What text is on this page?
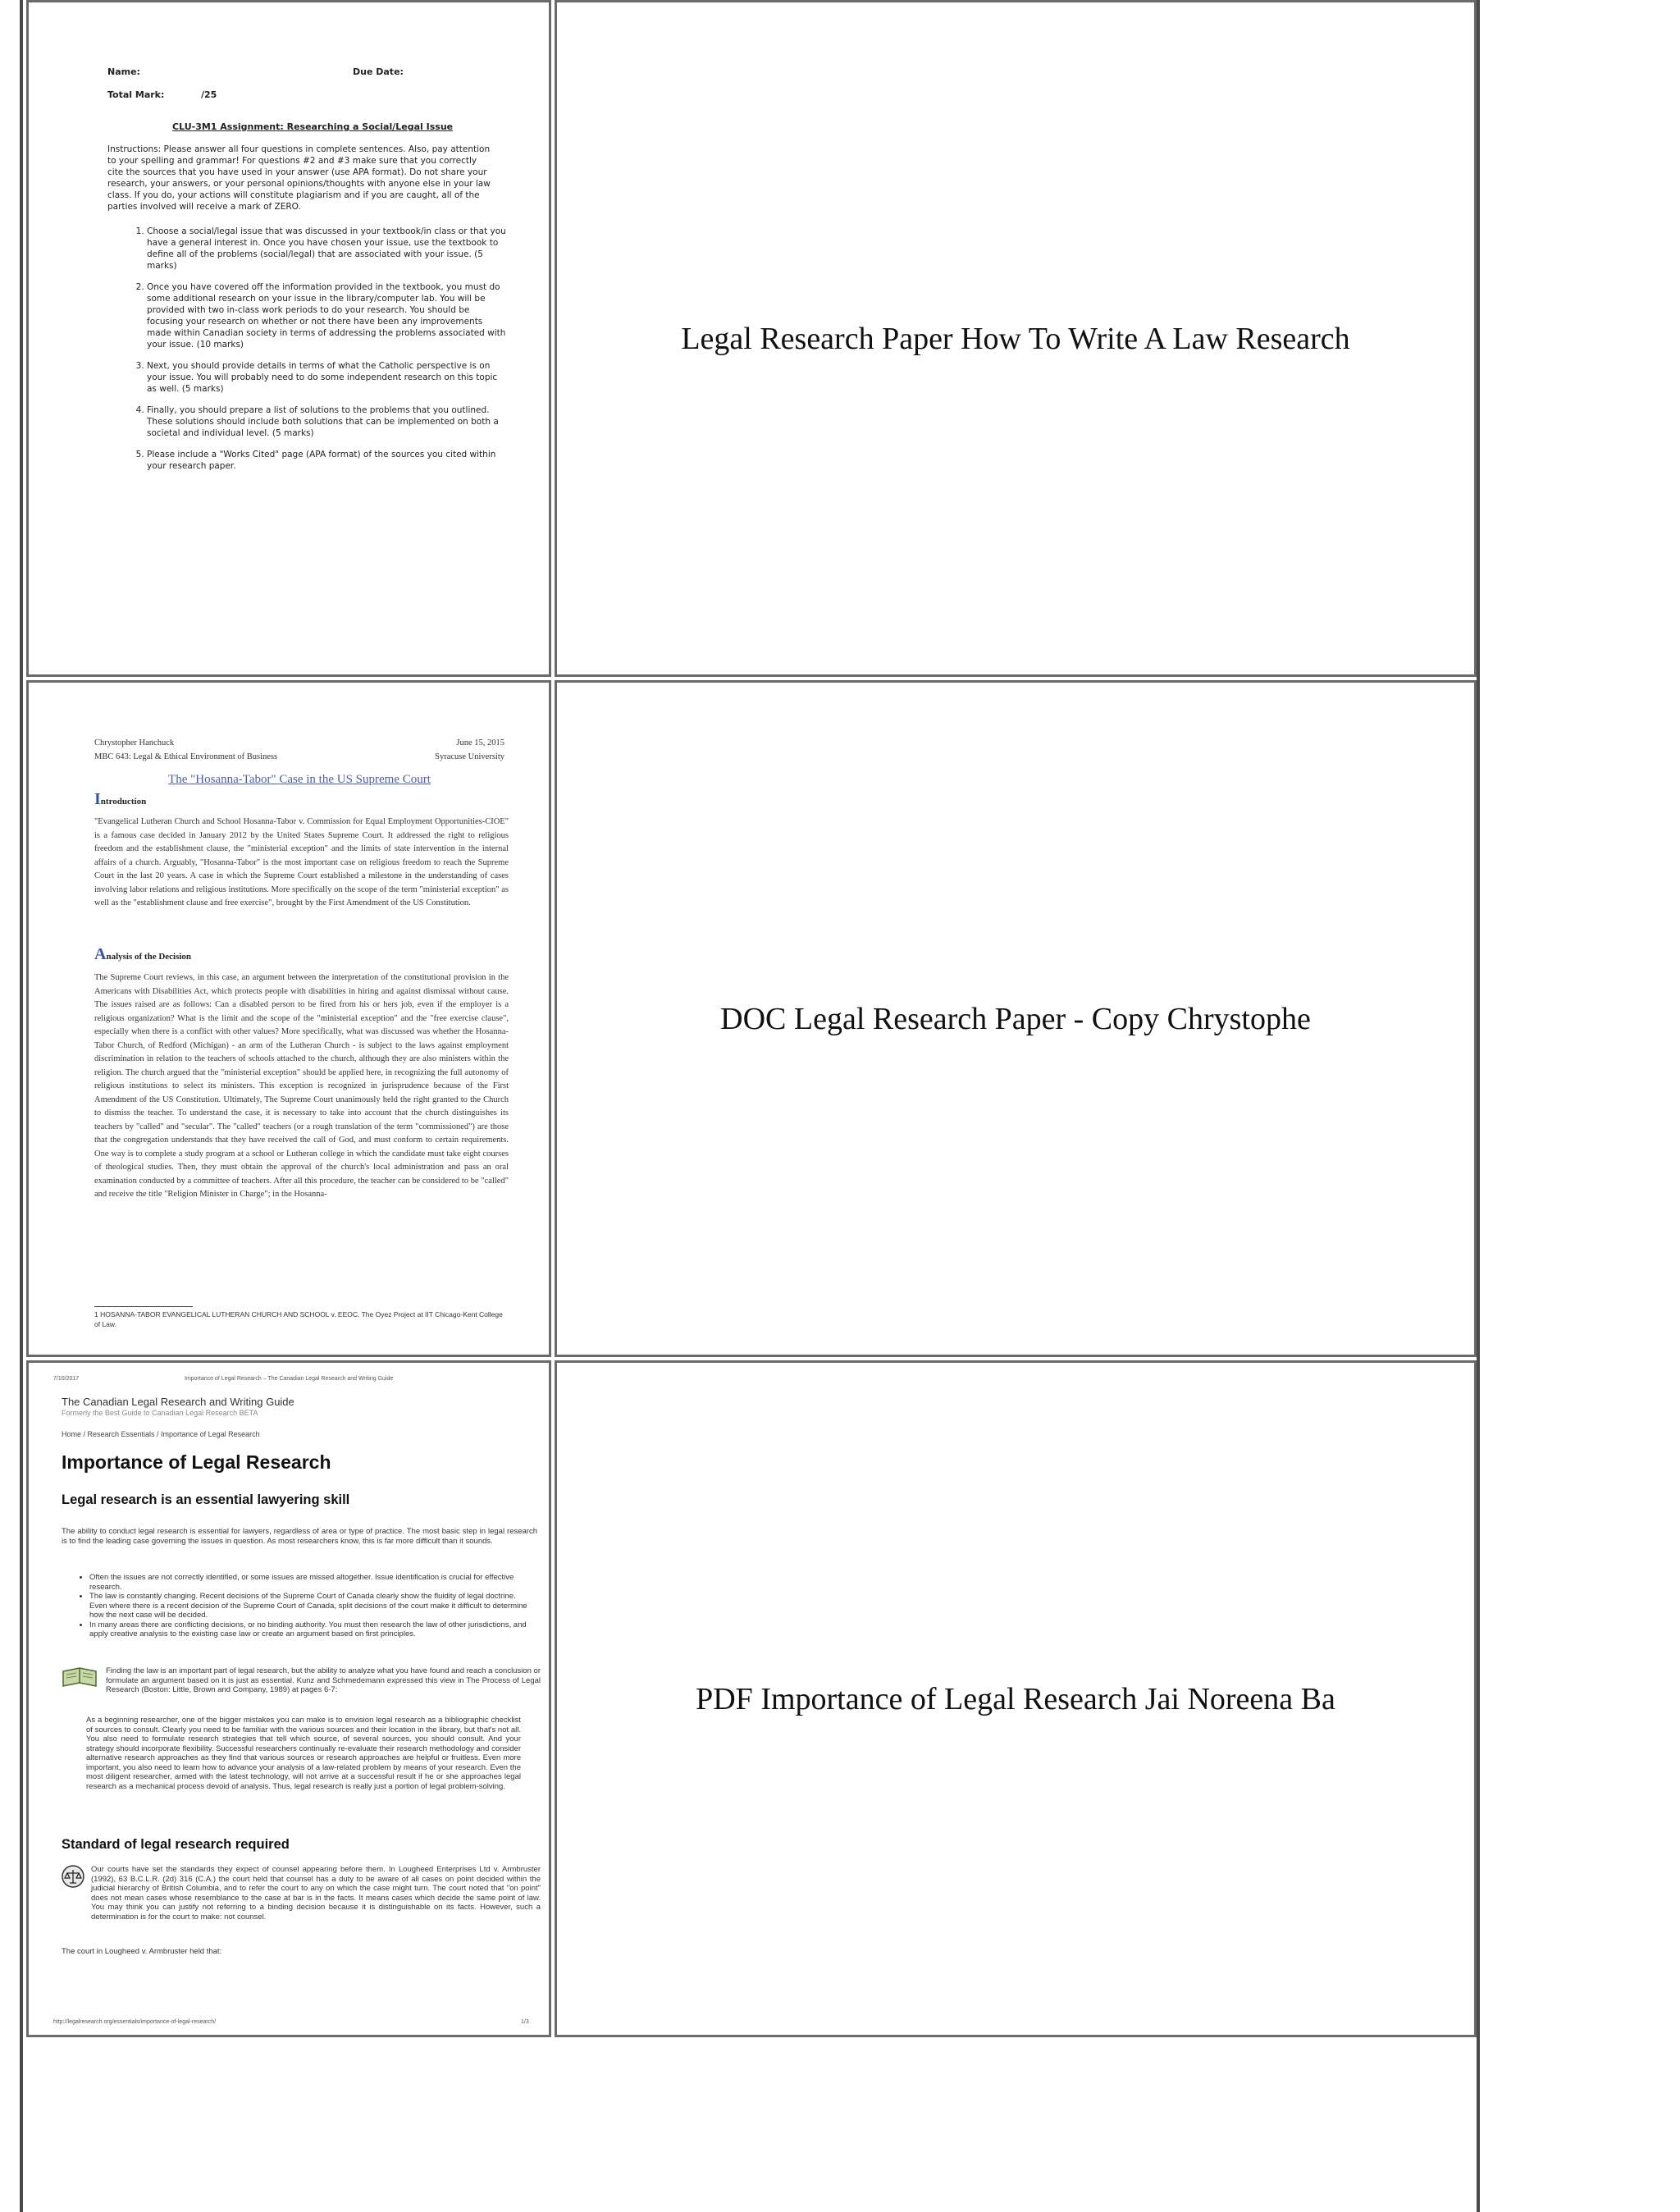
Name:	Due Date:
Total Mark:	/25
CLU-3M1 Assignment: Researching a Social/Legal Issue

Instructions: Please answer all four questions in complete sentences. Also, pay attention to your spelling and grammar! For questions #2 and #3 make sure that you correctly cite the sources that you have used in your answer (use APA format). Do not share your research, your answers, or your personal opinions/thoughts with anyone else in your law class. If you do, your actions will constitute plagiarism and if you are caught, all of the parties involved will receive a mark of ZERO.

1. Choose a social/legal issue that was discussed in your textbook/in class or that you have a general interest in. Once you have chosen your issue, use the textbook to define all of the problems (social/legal) that are associated with your issue. (5 marks)
2. Once you have covered off the information provided in the textbook, you must do some additional research on your issue in the library/computer lab. You will be provided with two in-class work periods to do your research. You should be focusing your research on whether or not there have been any improvements made within Canadian society in terms of addressing the problems associated with your issue. (10 marks)
3. Next, you should provide details in terms of what the Catholic perspective is on your issue. You will probably need to do some independent research on this topic as well. (5 marks)
4. Finally, you should prepare a list of solutions to the problems that you outlined. These solutions should include both solutions that can be implemented on both a societal and individual level. (5 marks)
5. Please include a "Works Cited" page (APA format) of the sources you cited within your research paper.
Legal Research Paper How To Write A Law Research
Chrystopher Hanchuck	June 15, 2015
MBC 643: Legal & Ethical Environment of Business	Syracuse University
The "Hosanna-Tabor" Case in the US Supreme Court
Introduction

"Evangelical Lutheran Church and School Hosanna-Tabor v. Commission for Equal Employment Opportunities-CIOE" is a famous case decided in January 2012 by the United States Supreme Court. It addressed the right to religious freedom and the establishment clause, the "ministerial exception" and the limits of state intervention in the internal affairs of a church. Arguably, "Hosanna-Tabor" is the most important case on religious freedom to reach the Supreme Court in the last 20 years. A case in which the Supreme Court established a milestone in the understanding of cases involving labor relations and religious institutions. More specifically on the scope of the term "ministerial exception" as well as the "establishment clause and free exercise", brought by the First Amendment of the US Constitution.

Analysis of the Decision

The Supreme Court reviews, in this case, an argument between the interpretation of the constitutional provision in the Americans with Disabilities Act, which protects people with disabilities in hiring and against dismissal without cause. The issues raised are as follows: Can a disabled person to be fired from his or hers job, even if the employer is a religious organization? What is the limit and the scope of the "ministerial exception" and the "free exercise clause", especially when there is a conflict with other values? More specifically, what was discussed was whether the Hosanna-Tabor Church, of Redford (Michigan) - an arm of the Lutheran Church - is subject to the laws against employment discrimination in relation to the teachers of schools attached to the church, although they are also ministers within the religion. The church argued that the "ministerial exception" should be applied here, in recognizing the full autonomy of religious institutions to select its ministers. This exception is recognized in jurisprudence because of the First Amendment of the US Constitution. Ultimately, The Supreme Court unanimously held the right granted to the Church to dismiss the teacher. To understand the case, it is necessary to take into account that the church distinguishes its teachers by "called" and "secular". The "called" teachers (or a rough translation of the term "commissioned") are those that the congregation understands that they have received the call of God, and must conform to certain requirements. One way is to complete a study program at a school or Lutheran college in which the candidate must take eight courses of theological studies. Then, they must obtain the approval of the church's local administration and pass an oral examination conducted by a committee of teachers. After all this procedure, the teacher can be considered to be "called" and receive the title "Religion Minister in Charge"; in the Hosanna-

1 HOSANNA-TABOR EVANGELICAL LUTHERAN CHURCH AND SCHOOL v. EEOC. The Oyez Project at IIT Chicago-Kent College of Law.

DOC Legal Research Paper - Copy Chrystophe
7/10/2017	Importance of Legal Research – The Canadian Legal Research and Writing Guide
The Canadian Legal Research and Writing Guide
Formerly the Best Guide to Canadian Legal Research BETA
Home / Research Essentials / Importance of Legal Research
Importance of Legal Research
Legal research is an essential lawyering skill

The ability to conduct legal research is essential for lawyers, regardless of area or type of practice. The most basic step in legal research is to find the leading case governing the issues in question. As most researchers know, this is far more difficult than it sounds.

• Often the issues are not correctly identified, or some issues are missed altogether. Issue identification is crucial for effective research.
• The law is constantly changing. Recent decisions of the Supreme Court of Canada clearly show the fluidity of legal doctrine. Even where there is a recent decision of the Supreme Court of Canada, split decisions of the court make it difficult to determine how the next case will be decided.
• In many areas there are conflicting decisions, or no binding authority. You must then research the law of other jurisdictions, and apply creative analysis to the existing case law or create an argument based on first principles.

Finding the law is an important part of legal research, but the ability to analyze what you have found and reach a conclusion or formulate an argument based on it is just as essential. Kunz and Schmedemann expressed this view in The Process of Legal Research (Boston: Little, Brown and Company, 1989) at pages 6-7:

As a beginning researcher, one of the bigger mistakes you can make is to envision legal research as a bibliographic checklist of sources to consult. Clearly you need to be familiar with the various sources and their location in the library, but that's not all. You also need to formulate research strategies that tell which source, of several sources, you should consult. And your strategy should incorporate flexibility. Successful researchers continually re-evaluate their research methodology and consider alternative research approaches as they find that various sources or research approaches are helpful or fruitless. Even more important, you also need to learn how to advance your analysis of a law-related problem by means of your research. Even the most diligent researcher, armed with the latest technology, will not arrive at a successful result if he or she approaches legal research as a mechanical process devoid of analysis. Thus, legal research is really just a portion of legal problem-solving.

Standard of legal research required

Our courts have set the standards they expect of counsel appearing before them. In Lougheed Enterprises Ltd v. Armbruster (1992), 63 B.C.L.R. (2d) 316 (C.A.) the court held that counsel has a duty to be aware of all cases on point decided within the judicial hierarchy of British Columbia, and to refer the court to any on which the case might turn. The court noted that "on point" does not mean cases whose resemblance to the case at bar is in the facts. It means cases which decide the same point of law. You may think you can justify not referring to a binding decision because it is distinguishable on its facts. However, such a determination is for the court to make: not counsel.

The court in Lougheed v. Armbruster held that:

http://legalresearch.org/essentials/importance-of-legal-research/	1/3
PDF Importance of Legal Research Jai Noreena Ba
